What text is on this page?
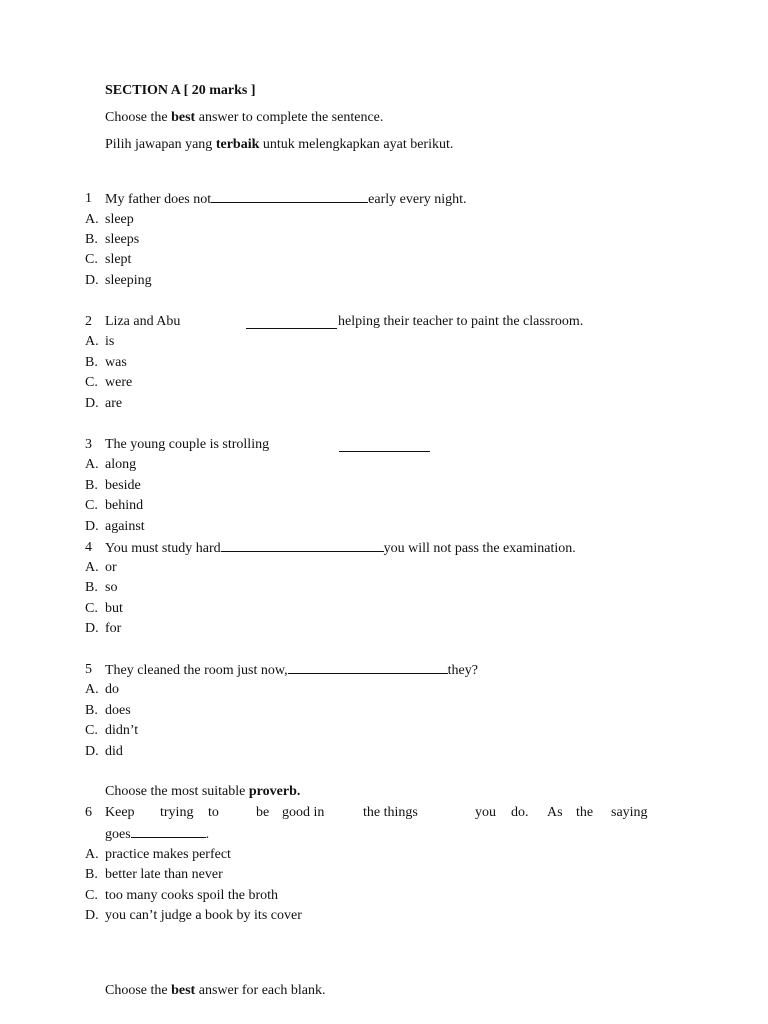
SECTION A [ 20 marks ]
Choose the best answer to complete the sentence.
Pilih jawapan yang terbaik untuk melengkapkan ayat berikut.
1 My father does not	early every night.
A. sleep
B. sleeps
C. slept
D. sleeping
2 Liza and Abu	helping their teacher to paint the classroom.
A. is
B. was
C. were
D. are
3 The young couple is strolling
A. along
B. beside
C. behind
D. against
4 You must study hard	you will not pass the examination.
A. or
B. so
C. but
D. for
5 They cleaned the room just now,	they?
A. do
B. does
C. didn’t
D. did
Choose the most suitable proverb.
6 Keep trying to	be good in	the things	you do. As the saying
goes	.
A. practice makes perfect
B. better late than never
C. too many cooks spoil the broth
D. you can’t judge a book by its cover
Choose the best answer for each blank.
